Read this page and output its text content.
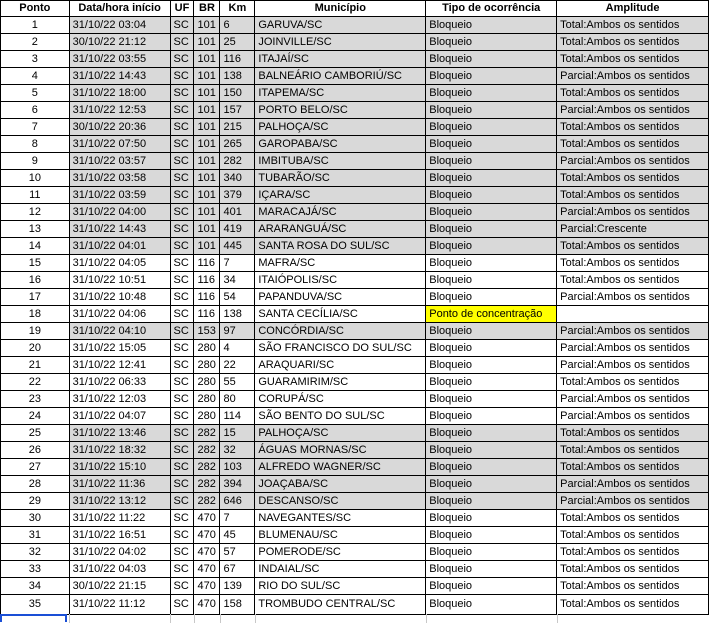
Ponto	Data/hora início	UF	BR	Km	Município	Tipo de ocorrência	Amplitude
1	31/10/22 03:04	SC	101	6	GARUVA/SC	Bloqueio	Total:Ambos os sentidos
2	30/10/22 21:12	SC	101	25	JOINVILLE/SC	Bloqueio	Total:Ambos os sentidos
3	31/10/22 03:55	SC	101	116	ITAJAÍ/SC	Bloqueio	Total:Ambos os sentidos
4	31/10/22 14:43	SC	101	138	BALNEÁRIO CAMBORIÚ/SC	Bloqueio	Parcial:Ambos os sentidos
5	31/10/22 18:00	SC	101	150	ITAPEMA/SC	Bloqueio	Total:Ambos os sentidos
6	31/10/22 12:53	SC	101	157	PORTO BELO/SC	Bloqueio	Parcial:Ambos os sentidos
7	30/10/22 20:36	SC	101	215	PALHOÇA/SC	Bloqueio	Total:Ambos os sentidos
8	31/10/22 07:50	SC	101	265	GAROPABA/SC	Bloqueio	Total:Ambos os sentidos
9	31/10/22 03:57	SC	101	282	IMBITUBA/SC	Bloqueio	Parcial:Ambos os sentidos
10	31/10/22 03:58	SC	101	340	TUBARÃO/SC	Bloqueio	Total:Ambos os sentidos
11	31/10/22 03:59	SC	101	379	IÇARA/SC	Bloqueio	Total:Ambos os sentidos
12	31/10/22 04:00	SC	101	401	MARACAJÁ/SC	Bloqueio	Parcial:Ambos os sentidos
13	31/10/22 14:43	SC	101	419	ARARANGUÁ/SC	Bloqueio	Parcial:Crescente
14	31/10/22 04:01	SC	101	445	SANTA ROSA DO SUL/SC	Bloqueio	Total:Ambos os sentidos
15	31/10/22 04:05	SC	116	7	MAFRA/SC	Bloqueio	Total:Ambos os sentidos
16	31/10/22 10:51	SC	116	34	ITAIÓPOLIS/SC	Bloqueio	Total:Ambos os sentidos
17	31/10/22 10:48	SC	116	54	PAPANDUVA/SC	Bloqueio	Parcial:Ambos os sentidos
18	31/10/22 04:06	SC	116	138	SANTA CECÍLIA/SC	Ponto de concentração	
19	31/10/22 04:10	SC	153	97	CONCÓRDIA/SC	Bloqueio	Parcial:Ambos os sentidos
20	31/10/22 15:05	SC	280	4	SÃO FRANCISCO DO SUL/SC	Bloqueio	Parcial:Ambos os sentidos
21	31/10/22 12:41	SC	280	22	ARAQUARI/SC	Bloqueio	Parcial:Ambos os sentidos
22	31/10/22 06:33	SC	280	55	GUARAMIRIM/SC	Bloqueio	Total:Ambos os sentidos
23	31/10/22 12:03	SC	280	80	CORUPÁ/SC	Bloqueio	Parcial:Ambos os sentidos
24	31/10/22 04:07	SC	280	114	SÃO BENTO DO SUL/SC	Bloqueio	Parcial:Ambos os sentidos
25	31/10/22 13:46	SC	282	15	PALHOÇA/SC	Bloqueio	Total:Ambos os sentidos
26	31/10/22 18:32	SC	282	32	ÁGUAS MORNAS/SC	Bloqueio	Total:Ambos os sentidos
27	31/10/22 15:10	SC	282	103	ALFREDO WAGNER/SC	Bloqueio	Total:Ambos os sentidos
28	31/10/22 11:36	SC	282	394	JOAÇABA/SC	Bloqueio	Parcial:Ambos os sentidos
29	31/10/22 13:12	SC	282	646	DESCANSO/SC	Bloqueio	Parcial:Ambos os sentidos
30	31/10/22 11:22	SC	470	7	NAVEGANTES/SC	Bloqueio	Total:Ambos os sentidos
31	31/10/22 16:51	SC	470	45	BLUMENAU/SC	Bloqueio	Total:Ambos os sentidos
32	31/10/22 04:02	SC	470	57	POMERODE/SC	Bloqueio	Total:Ambos os sentidos
33	31/10/22 04:03	SC	470	67	INDAIAL/SC	Bloqueio	Total:Ambos os sentidos
34	30/10/22 21:15	SC	470	139	RIO DO SUL/SC	Bloqueio	Total:Ambos os sentidos
35	31/10/22 11:12	SC	470	158	TROMBUDO CENTRAL/SC	Bloqueio	Total:Ambos os sentidos
